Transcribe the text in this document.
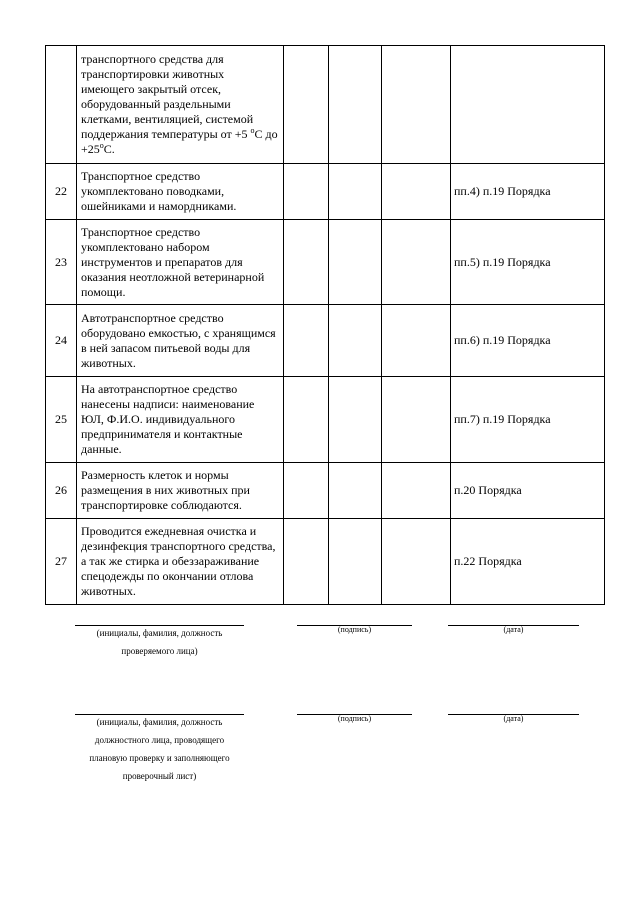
	транспортного средства для транспортировки животных имеющего закрытый отсек, оборудованный раздельными клетками, вентиляцией, системой поддержания температуры от +5 $^o$С до $+25^oС$.				
22	Транспортное средство укомплектовано поводками, ошейниками и намордниками.				пп.4) п.19 Порядка
23	Транспортное средство укомплектовано набором инструментов и препаратов для оказания неотложной ветеринарной помощи.				пп.5) п.19 Порядка
24	Автотранспортное средство оборудовано емкостью, с хранящимся в ней запасом питьевой воды для животных.				пп.6) п.19 Порядка
25	На автотранспортное средство нанесены надписи: наименование ЮЛ, Ф.И.О. индивидуального предпринимателя и контактные данные.				пп.7) п.19 Порядка
26	Размерность клеток и нормы размещения в них животных при транспортировке соблюдаются.				п.20 Порядка
27	Проводится ежедневная очистка и дезинфекция транспортного средства, а так же стирка и обеззараживание спецодежды по окончании отлова животных.				п.22 Порядка
(инициалы, фамилия, должность
проверяемого лица)
(подпись)	(дата)
(инициалы, фамилия, должность
должностного лица, проводящего
плановую проверку и заполняющего
проверочный лист)
(подпись)	(дата)
